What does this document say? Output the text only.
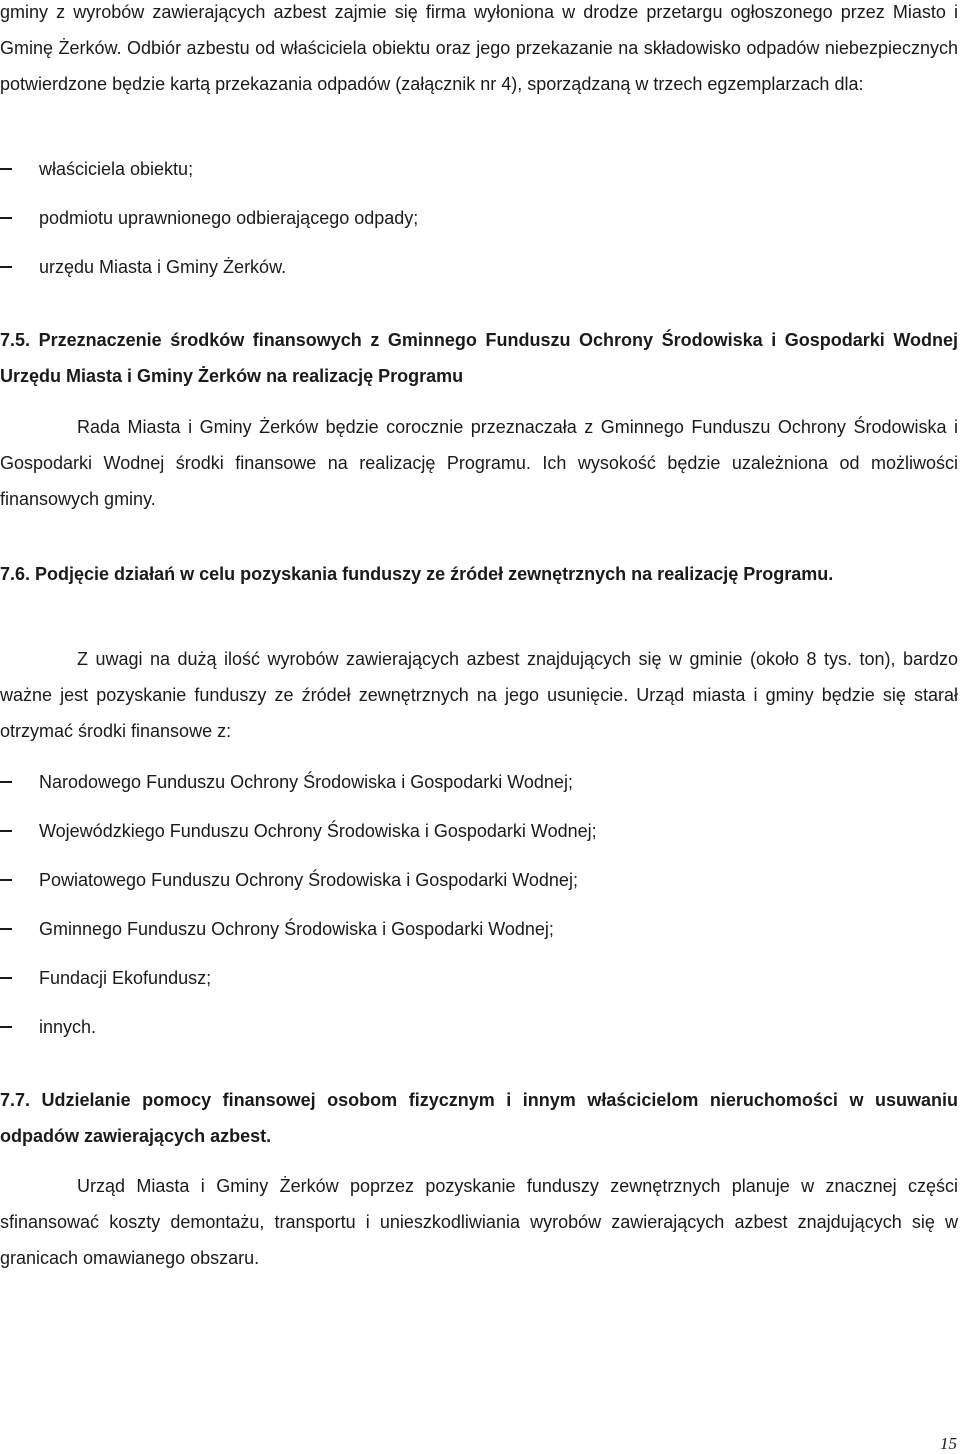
gminy z wyrobów zawierających azbest zajmie się firma wyłoniona w drodze przetargu ogłoszonego przez Miasto i Gminę Żerków. Odbiór azbestu od właściciela obiektu oraz jego przekazanie na składowisko odpadów niebezpiecznych potwierdzone będzie kartą przekazania odpadów (załącznik nr 4), sporządzaną w trzech egzemplarzach dla:

właściciela obiektu;
podmiotu uprawnionego odbierającego odpady;
urzędu Miasta i Gminy Żerków.

7.5. Przeznaczenie środków finansowych z Gminnego Funduszu Ochrony Środowiska i Gospodarki Wodnej Urzędu Miasta i Gminy Żerków na realizację Programu

Rada Miasta i Gminy Żerków będzie corocznie przeznaczała z Gminnego Funduszu Ochrony Środowiska i Gospodarki Wodnej środki finansowe na realizację Programu. Ich wysokość będzie uzależniona od możliwości finansowych gminy.

7.6. Podjęcie działań w celu pozyskania funduszy ze źródeł zewnętrznych na realizację Programu.

Z uwagi na dużą ilość wyrobów zawierających azbest znajdujących się w gminie (około 8 tys. ton), bardzo ważne jest pozyskanie funduszy ze źródeł zewnętrznych na jego usunięcie. Urząd miasta i gminy będzie się starał otrzymać środki finansowe z:

Narodowego Funduszu Ochrony Środowiska i Gospodarki Wodnej;
Wojewódzkiego Funduszu Ochrony Środowiska i Gospodarki Wodnej;
Powiatowego Funduszu Ochrony Środowiska i Gospodarki Wodnej;
Gminnego Funduszu Ochrony Środowiska i Gospodarki Wodnej;
Fundacji Ekofundusz;
innych.

7.7. Udzielanie pomocy finansowej osobom fizycznym i innym właścicielom nieruchomości w usuwaniu odpadów zawierających azbest.

Urząd Miasta i Gminy Żerków poprzez pozyskanie funduszy zewnętrznych planuje w znacznej części sfinansować koszty demontażu, transportu i unieszkodliwiania wyrobów zawierających azbest znajdujących się w granicach omawianego obszaru.

15
